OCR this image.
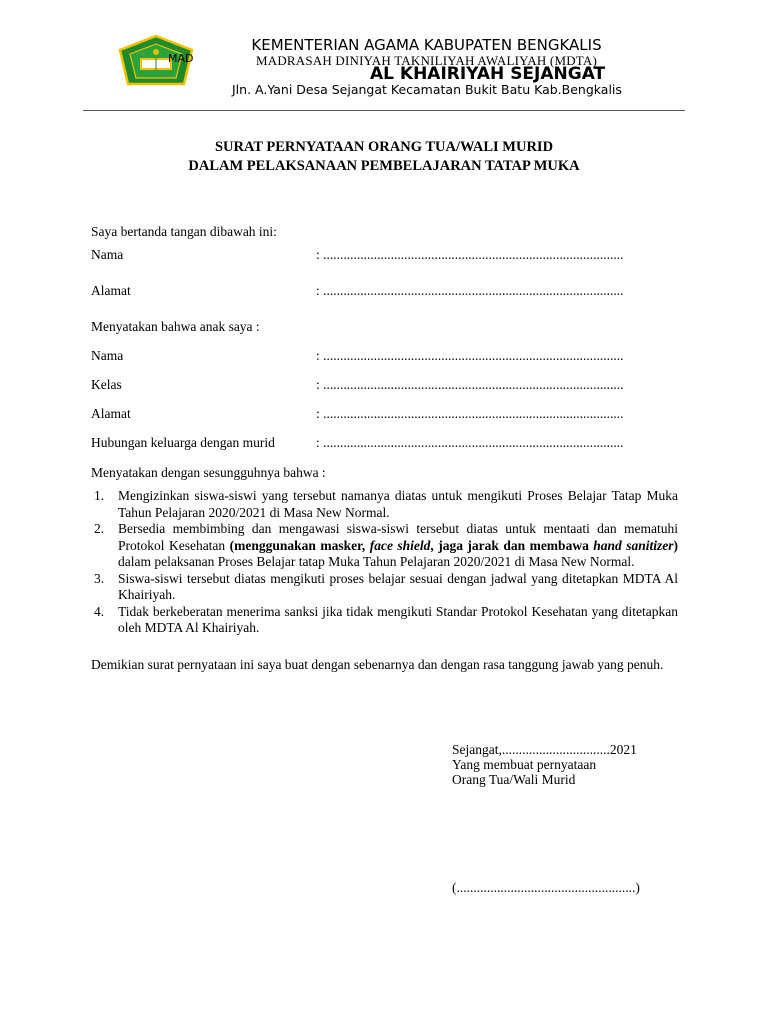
MAD
KEMENTERIAN AGAMA KABUPATEN BENGKALIS
MADRASAH DINIYAH TAKNILIYAH AWALIYAH (MDTA)
AL KHAIRIYAH SEJANGAT
Jln. A.Yani Desa Sejangat Kecamatan Bukit Batu Kab.Bengkalis
SURAT PERNYATAAN ORANG TUA/WALI MURID
DALAM PELAKSANAAN PEMBELAJARAN TATAP MUKA
Saya bertanda tangan dibawah ini:
Nama	: .........................................................................................
Alamat	: .........................................................................................
Menyatakan bahwa anak saya :
Nama	: .........................................................................................
Kelas	: .........................................................................................
Alamat	: .........................................................................................
Hubungan keluarga dengan murid	: .........................................................................................
Menyatakan dengan sesungguhnya bahwa :
1. Mengizinkan siswa-siswi yang tersebut namanya diatas untuk mengikuti Proses Belajar Tatap Muka Tahun Pelajaran 2020/2021 di Masa New Normal.
2. Bersedia membimbing dan mengawasi siswa-siswi tersebut diatas untuk mentaati dan mematuhi Protokol Kesehatan (menggunakan masker, face shield, jaga jarak dan membawa hand sanitizer) dalam pelaksanan Proses Belajar tatap Muka Tahun Pelajaran 2020/2021 di Masa New Normal.
3. Siswa-siswi tersebut diatas mengikuti proses belajar sesuai dengan jadwal yang ditetapkan MDTA Al Khairiyah.
4. Tidak berkeberatan menerima sanksi jika tidak mengikuti Standar Protokol Kesehatan yang ditetapkan oleh MDTA Al Khairiyah.
Demikian surat pernyataan ini saya buat dengan sebenarnya dan dengan rasa tanggung jawab yang penuh.
Sejangat,................................2021
Yang membuat pernyataan
Orang Tua/Wali Murid
(.....................................................)
